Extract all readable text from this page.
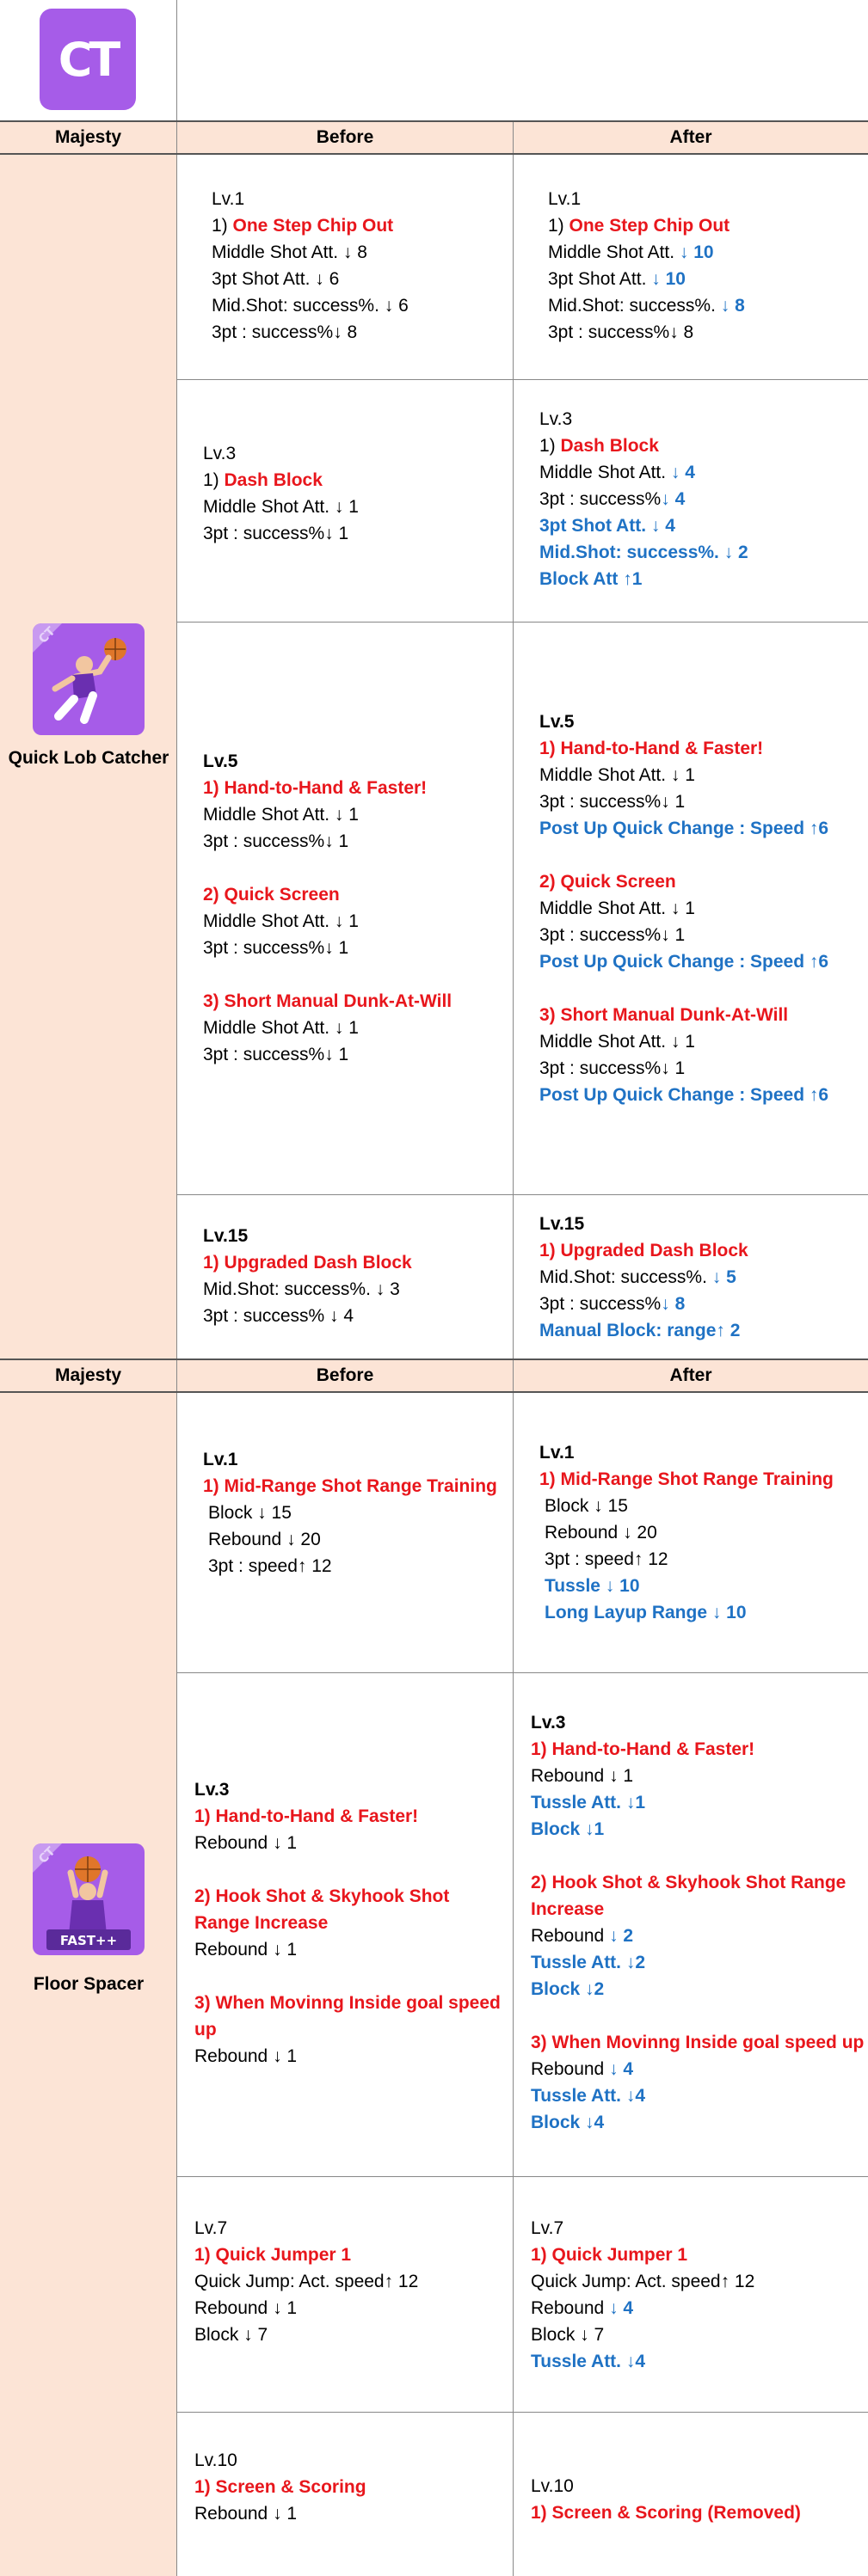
CT
Majesty	Before	After
CT
Quick Lob Catcher
Lv.1
1) One Step Chip Out
Middle Shot Att. ↓ 8
3pt Shot Att. ↓ 6
Mid.Shot: success%. ↓ 6
3pt : success%↓ 8
Lv.1
1) One Step Chip Out
Middle Shot Att. ↓ 10
3pt Shot Att. ↓ 10
Mid.Shot: success%. ↓ 8
3pt : success%↓ 8
Lv.3
1) Dash Block
Middle Shot Att. ↓ 1
3pt : success%↓ 1
Lv.3
1) Dash Block
Middle Shot Att. ↓ 4
3pt : success%↓ 4
3pt Shot Att. ↓ 4
Mid.Shot: success%. ↓ 2
Block Att ↑1
Lv.5
1) Hand-to-Hand & Faster!
Middle Shot Att. ↓ 1
3pt : success%↓ 1
2) Quick Screen
Middle Shot Att. ↓ 1
3pt : success%↓ 1
3) Short Manual Dunk-At-Will
Middle Shot Att. ↓ 1
3pt : success%↓ 1
Lv.5
1) Hand-to-Hand & Faster!
Middle Shot Att. ↓ 1
3pt : success%↓ 1
Post Up Quick Change : Speed ↑6
2) Quick Screen
Middle Shot Att. ↓ 1
3pt : success%↓ 1
Post Up Quick Change : Speed ↑6
3) Short Manual Dunk-At-Will
Middle Shot Att. ↓ 1
3pt : success%↓ 1
Post Up Quick Change : Speed ↑6
Lv.15
1) Upgraded Dash Block
Mid.Shot: success%. ↓ 3
3pt : success% ↓ 4
Lv.15
1) Upgraded Dash Block
Mid.Shot: success%. ↓ 5
3pt : success%↓ 8
Manual Block: range↑ 2
Majesty	Before	After
CT
FAST++
Floor Spacer
Lv.1
1) Mid-Range Shot Range Training
Block ↓ 15
Rebound ↓ 20
3pt : speed↑ 12
Lv.1
1) Mid-Range Shot Range Training
Block ↓ 15
Rebound ↓ 20
3pt : speed↑ 12
Tussle ↓ 10
Long Layup Range ↓ 10
Lv.3
1) Hand-to-Hand & Faster!
Rebound ↓ 1
2) Hook Shot & Skyhook Shot Range Increase
Rebound ↓ 1
3) When Movinng Inside goal speed up
Rebound ↓ 1
Lv.3
1) Hand-to-Hand & Faster!
Rebound ↓ 1
Tussle Att. ↓1
Block ↓1
2) Hook Shot & Skyhook Shot Range Increase
Rebound ↓ 2
Tussle Att. ↓2
Block ↓2
3) When Movinng Inside goal speed up
Rebound ↓ 4
Tussle Att. ↓4
Block ↓4
Lv.7
1) Quick Jumper 1
Quick Jump: Act. speed↑ 12
Rebound ↓ 1
Block ↓ 7
Lv.7
1) Quick Jumper 1
Quick Jump: Act. speed↑ 12
Rebound ↓ 4
Block ↓ 7
Tussle Att. ↓4
Lv.10
1) Screen & Scoring
Rebound ↓ 1
Lv.10
1) Screen & Scoring (Removed)
